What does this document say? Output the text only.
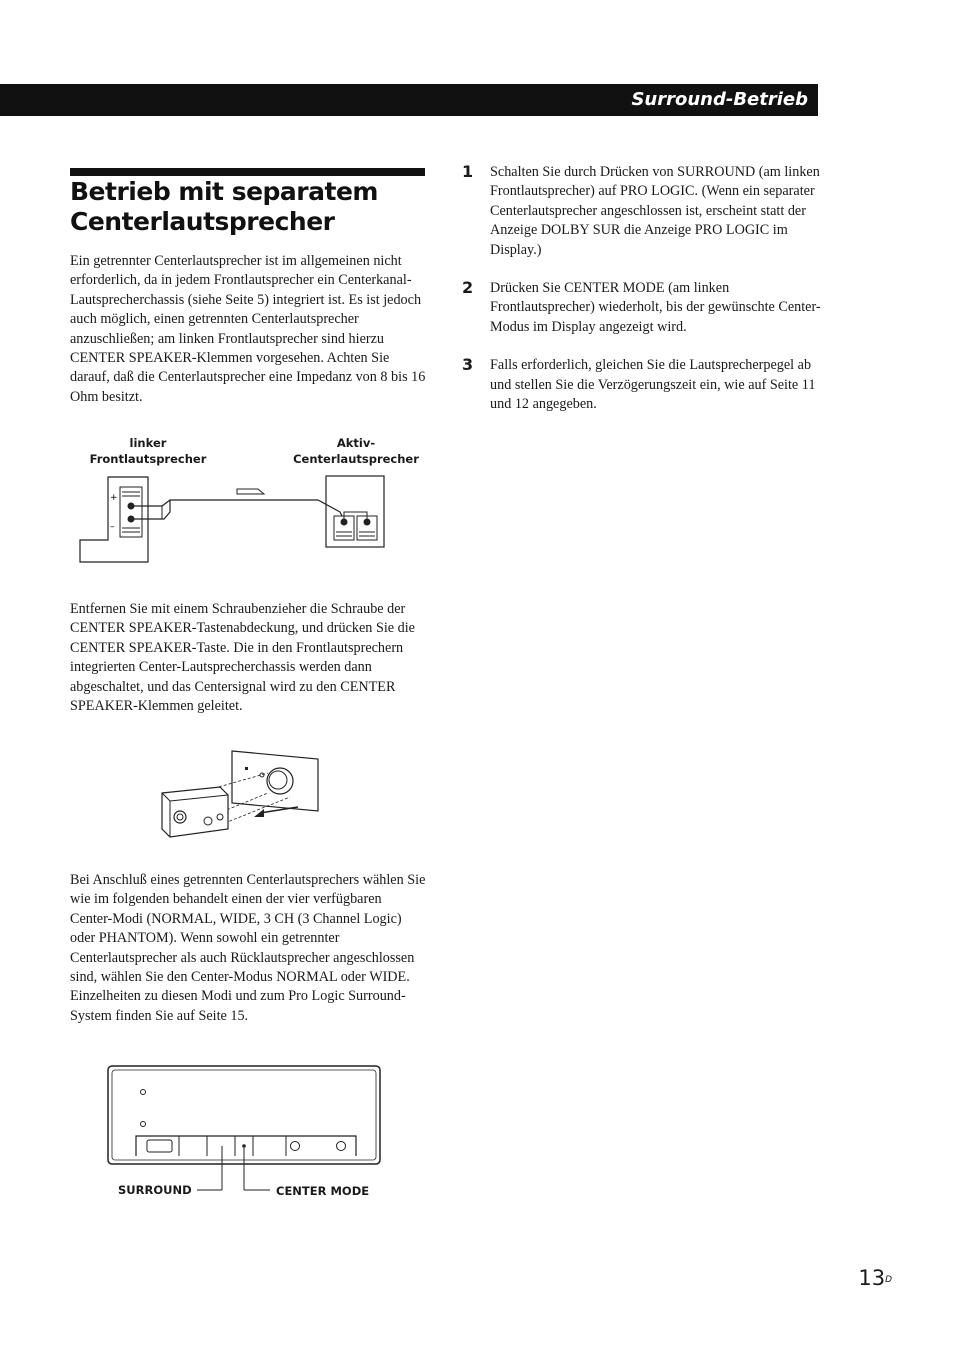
Surround-Betrieb
Betrieb mit separatem Centerlautsprecher

Ein getrennter Centerlautsprecher ist im allgemeinen nicht erforderlich, da in jedem Frontlautsprecher ein Centerkanal-Lautsprecherchassis (siehe Seite 5) integriert ist. Es ist jedoch auch möglich, einen getrennten Centerlautsprecher anzuschließen; am linken Frontlautsprecher sind hierzu CENTER SPEAKER-Klemmen vorgesehen. Achten Sie darauf, daß die Centerlautsprecher eine Impedanz von 8 bis 16 Ohm besitzt.

linker Frontlautsprecher
Aktiv-Centerlautsprecher
+
–

Entfernen Sie mit einem Schraubenzieher die Schraube der CENTER SPEAKER-Tastenabdeckung, und drücken Sie die CENTER SPEAKER-Taste. Die in den Frontlautsprechern integrierten Center-Lautsprecherchassis werden dann abgeschaltet, und das Centersignal wird zu den CENTER SPEAKER-Klemmen geleitet.

Bei Anschluß eines getrennten Centerlautsprechers wählen Sie wie im folgenden behandelt einen der vier verfügbaren Center-Modi (NORMAL, WIDE, 3 CH (3 Channel Logic) oder PHANTOM). Wenn sowohl ein getrennter Centerlautsprecher als auch Rücklautsprecher angeschlossen sind, wählen Sie den Center-Modus NORMAL oder WIDE. Einzelheiten zu diesen Modi und zum Pro Logic Surround-System finden Sie auf Seite 15.

SURROUND	CENTER MODE
1 Schalten Sie durch Drücken von SURROUND (am linken Frontlautsprecher) auf PRO LOGIC. (Wenn ein separater Centerlautsprecher angeschlossen ist, erscheint statt der Anzeige DOLBY SUR die Anzeige PRO LOGIC im Display.)
2 Drücken Sie CENTER MODE (am linken Frontlautsprecher) wiederholt, bis der gewünschte Center-Modus im Display angezeigt wird.
3 Falls erforderlich, gleichen Sie die Lautsprecherpegel ab und stellen Sie die Verzögerungszeit ein, wie auf Seite 11 und 12 angegeben.
$13^D$
